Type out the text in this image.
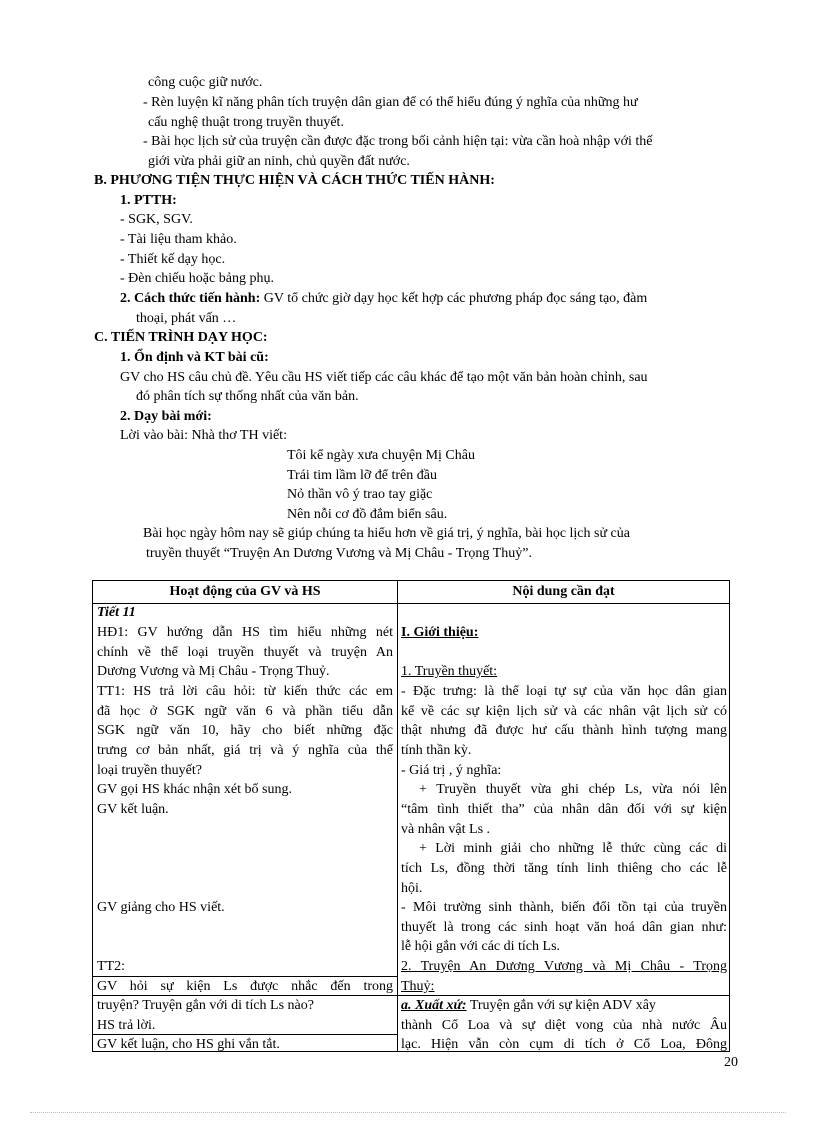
công cuộc giữ nước.
- Rèn luyện kĩ năng phân tích truyện dân gian để có thể hiểu đúng ý nghĩa của những hư
cấu nghệ thuật trong truyền thuyết.
- Bài học lịch sử của truyện cần được đặc trong bối cảnh hiện tại: vừa cần hoà nhập với thế
giới vừa phải giữ an ninh, chủ quyền đất nước.
B. PHƯƠNG TIỆN THỰC HIỆN VÀ CÁCH THỨC TIẾN HÀNH:
1. PTTH:
- SGK, SGV.
- Tài liệu tham khảo.
- Thiết kế dạy học.
- Đèn chiếu hoặc bảng phụ.
2. Cách thức tiến hành: GV tổ chức giờ dạy học kết hợp các phương pháp đọc sáng tạo, đàm
thoại, phát vấn …
C. TIẾN TRÌNH DẠY HỌC:
1. Ổn định và KT bài cũ:
GV cho HS câu chủ đề. Yêu cầu HS viết tiếp các câu khác để tạo một văn bản hoàn chỉnh, sau
đó phân tích sự thống nhất của văn bản.
2. Dạy bài mới:
Lời vào bài: Nhà thơ TH viết:
Tôi kể ngày xưa chuyện Mị Châu
Trái tim lầm lỡ để trên đầu
Nỏ thần vô ý trao tay giặc
Nên nỗi cơ đồ đắm biển sâu.
Bài học ngày hôm nay sẽ giúp chúng ta hiểu hơn về giá trị, ý nghĩa, bài học lịch sử của
truyền thuyết “Truyện An Dương Vương và Mị Châu - Trọng Thuỷ”.
Hoạt động của GV và HS	Nội dung cần đạt
Tiết 11
HĐ1: GV hướng dẫn HS tìm hiểu những nét
chính về thể loại truyền thuyết và truyện An
Dương Vương và Mị Châu - Trọng Thuỷ.
TT1: HS trả lời câu hỏi: từ kiến thức các em
đã học ở SGK ngữ văn 6 và phần tiểu dẫn
SGK ngữ văn 10, hãy cho biết những đặc
trưng cơ bản nhất, giá trị và ý nghĩa của thể
loại truyền thuyết?
GV gọi HS khác nhận xét bổ sung.
GV kết luận.
GV giảng cho HS viết.
TT2:
GV hỏi sự kiện Ls được nhắc đến trong
truyện? Truyện gắn với di tích Ls nào?
HS trả lời.
GV kết luận, cho HS ghi vắn tắt.
I. Giới thiệu:
1. Truyền thuyết:
- Đặc trưng: là thể loại tự sự của văn học dân gian
kể về các sự kiện lịch sử và các nhân vật lịch sử có
thật nhưng đã được hư cấu thành hình tượng mang
tính thần kỳ.
- Giá trị , ý nghĩa:
+ Truyền thuyết vừa ghi chép Ls, vừa nói lên
“tâm tình thiết tha” của nhân dân đối với sự kiện
và nhân vật Ls .
+ Lời minh giải cho những lễ thức cùng các di
tích Ls, đồng thời tăng tính linh thiêng cho các lễ
hội.
- Môi trường sinh thành, biến đổi tồn tại của truyền
thuyết là trong các sinh hoạt văn hoá dân gian như:
lễ hội gắn với các di tích Ls.
2. Truyện An Dương Vương và Mị Châu - Trọng
Thuỷ:
a. Xuất xứ: Truyện gắn với sự kiện ADV xây
thành Cổ Loa và sự diệt vong của nhà nước Âu
lạc. Hiện vẫn còn cụm di tích ở Cổ Loa, Đông
20
